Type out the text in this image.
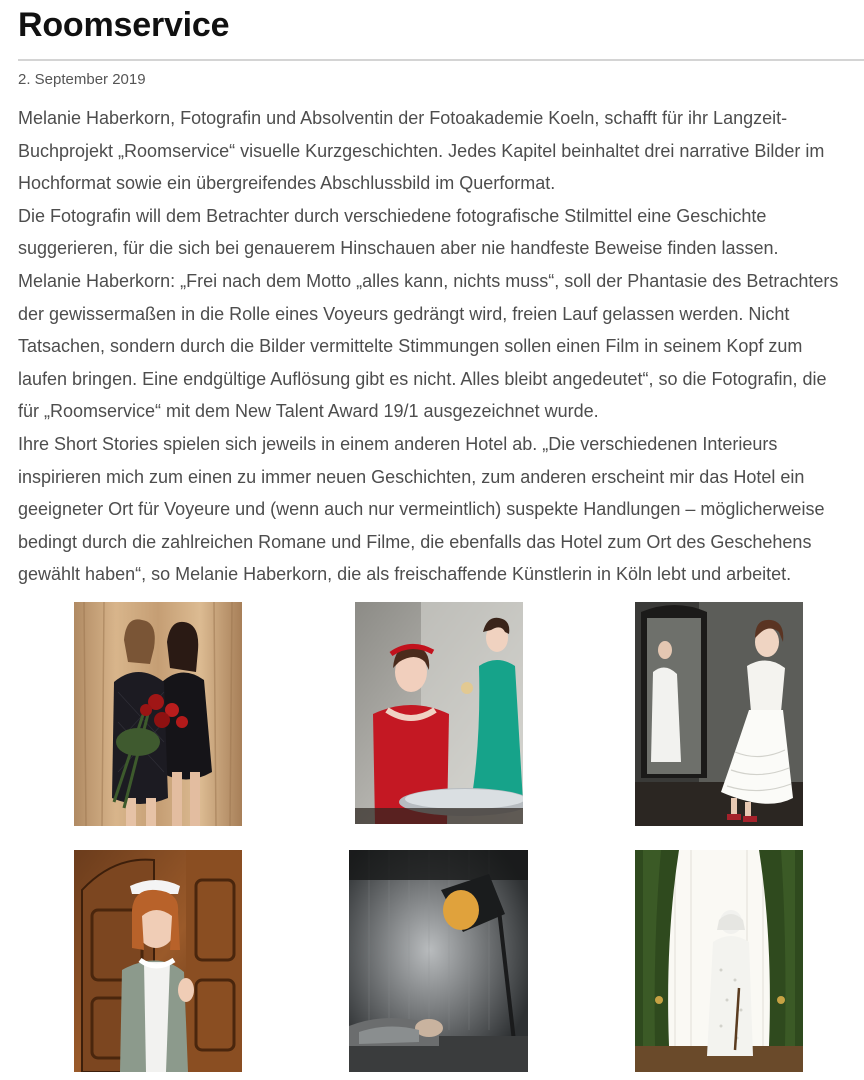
Roomservice
2. September 2019

Melanie Haberkorn, Fotografin und Absolventin der Fotoakademie Koeln, schafft für ihr Langzeit-

Buchprojekt „Roomservice“ visuelle Kurzgeschichten. Jedes Kapitel beinhaltet drei narrative Bilder im

Hochformat sowie ein übergreifendes Abschlussbild im Querformat.

Die Fotografin will dem Betrachter durch verschiedene fotografische Stilmittel eine Geschichte

suggerieren, für die sich bei genauerem Hinschauen aber nie handfeste Beweise finden lassen.

Melanie Haberkorn: „Frei nach dem Motto „alles kann, nichts muss“, soll der Phantasie des Betrachters

der gewissermaßen in die Rolle eines Voyeurs gedrängt wird, freien Lauf gelassen werden. Nicht

Tatsachen, sondern durch die Bilder vermittelte Stimmungen sollen einen Film in seinem Kopf zum

laufen bringen. Eine endgültige Auflösung gibt es nicht. Alles bleibt angedeutet“, so die Fotografin, die

für „Roomservice“ mit dem New Talent Award 19/1 ausgezeichnet wurde.

Ihre Short Stories spielen sich jeweils in einem anderen Hotel ab. „Die verschiedenen Interieurs

inspirieren mich zum einen zu immer neuen Geschichten, zum anderen erscheint mir das Hotel ein

geeigneter Ort für Voyeure und (wenn auch nur vermeintlich) suspekte Handlungen – möglicherweise

bedingt durch die zahlreichen Romane und Filme, die ebenfalls das Hotel zum Ort des Geschehens

gewählt haben“, so Melanie Haberkorn, die als freischaffende Künstlerin in Köln lebt und arbeitet.
